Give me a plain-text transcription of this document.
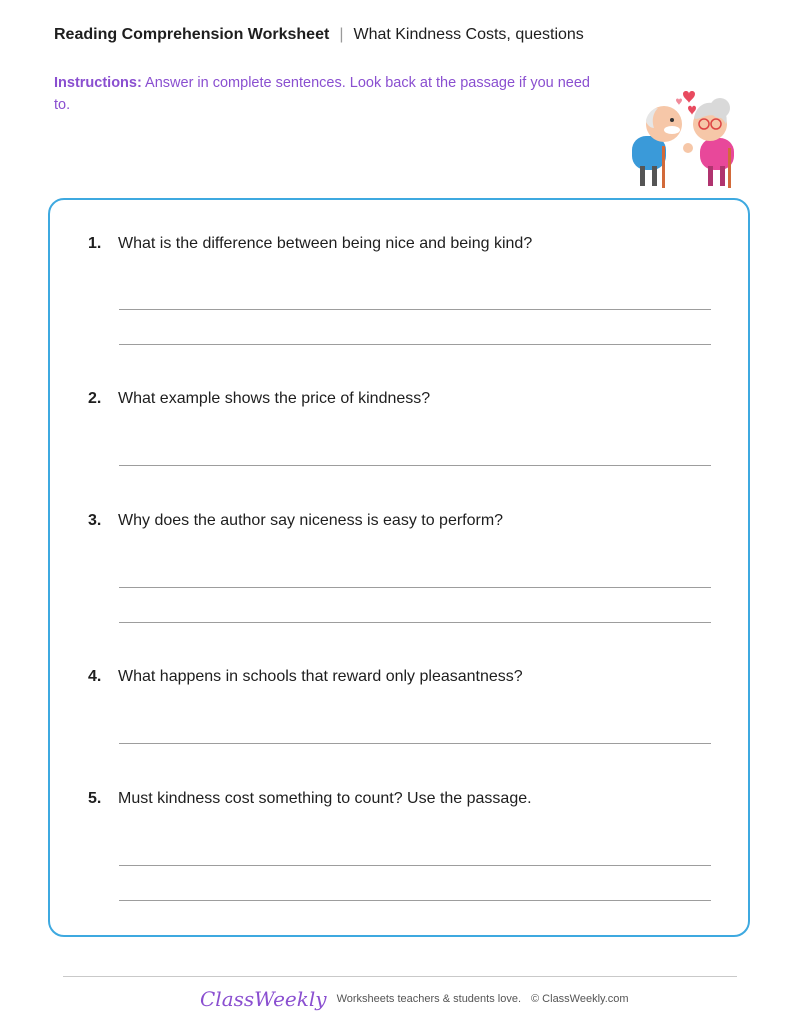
Reading Comprehension Worksheet | What Kindness Costs, questions
Instructions: Answer in complete sentences. Look back at the passage if you need to.
1. What is the difference between being nice and being kind?
2. What example shows the price of kindness?
3. Why does the author say niceness is easy to perform?
4. What happens in schools that reward only pleasantness?
5. Must kindness cost something to count? Use the passage.
ClassWeekly Worksheets teachers & students love. © ClassWeekly.com
